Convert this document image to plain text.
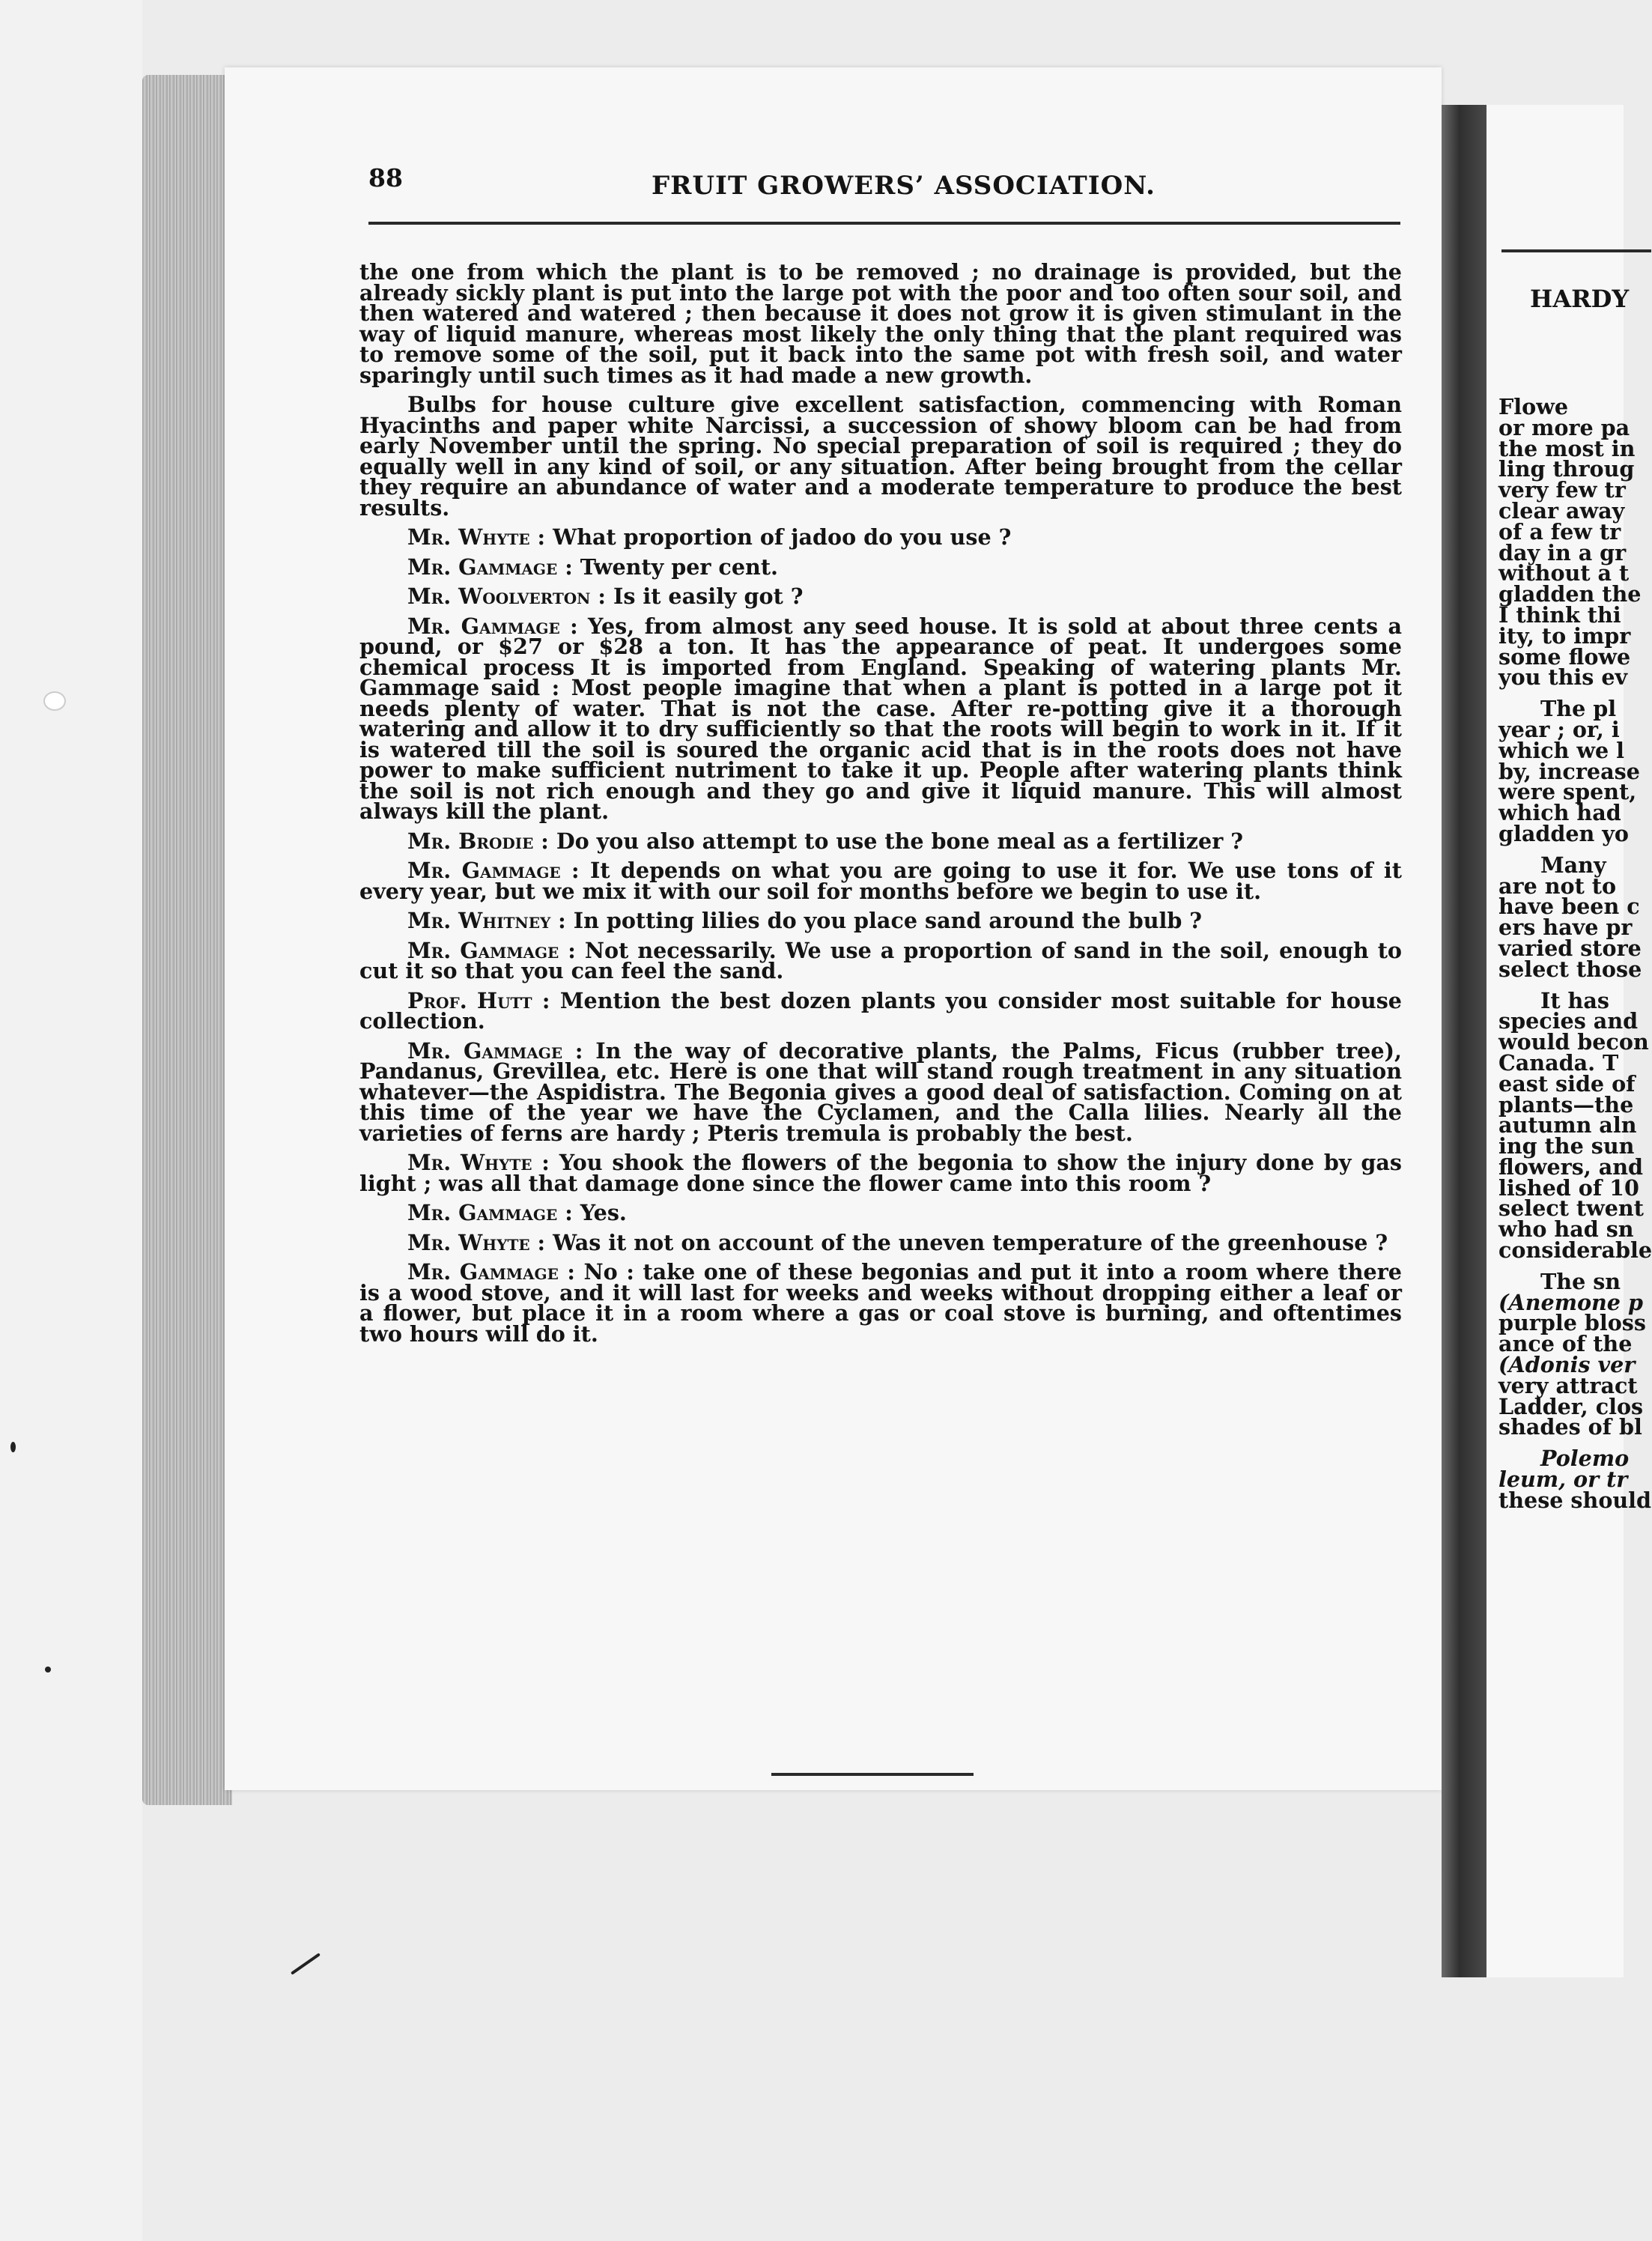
88	FRUIT GROWERS’ ASSOCIATION.

the one from which the plant is to be removed ; no drainage is provided, but the already sickly plant is put into the large pot with the poor and too often sour soil, and then watered and watered ; then because it does not grow it is given stimulant in the way of liquid manure, whereas most likely the only thing that the plant required was to remove some of the soil, put it back into the same pot with fresh soil, and water sparingly until such times as it had made a new growth.

Bulbs for house culture give excellent satisfaction, commencing with Roman Hyacinths and paper white Narcissi, a succession of showy bloom can be had from early November until the spring. No special preparation of soil is required ; they do equally well in any kind of soil, or any situation. After being brought from the cellar they require an abundance of water and a moderate temperature to produce the best results.

Mr. Whyte : What proportion of jadoo do you use ?

Mr. Gammage : Twenty per cent.

Mr. Woolverton : Is it easily got ?

Mr. Gammage : Yes, from almost any seed house. It is sold at about three cents a pound, or $27 or $28 a ton. It has the appearance of peat. It undergoes some chemical process It is imported from England. Speaking of watering plants Mr. Gammage said : Most people imagine that when a plant is potted in a large pot it needs plenty of water. That is not the case. After re-potting give it a thorough watering and allow it to dry sufficiently so that the roots will begin to work in it. If it is watered till the soil is soured the organic acid that is in the roots does not have power to make sufficient nutriment to take it up. People after watering plants think the soil is not rich enough and they go and give it liquid manure. This will almost always kill the plant.

Mr. Brodie : Do you also attempt to use the bone meal as a fertilizer ?

Mr. Gammage : It depends on what you are going to use it for. We use tons of it every year, but we mix it with our soil for months before we begin to use it.

Mr. Whitney : In potting lilies do you place sand around the bulb ?

Mr. Gammage : Not necessarily. We use a proportion of sand in the soil, enough to cut it so that you can feel the sand.

Prof. Hutt : Mention the best dozen plants you consider most suitable for house collection.

Mr. Gammage : In the way of decorative plants, the Palms, Ficus (rubber tree), Pandanus, Grevillea, etc. Here is one that will stand rough treatment in any situation whatever—the Aspidistra. The Begonia gives a good deal of satisfaction. Coming on at this time of the year we have the Cyclamen, and the Calla lilies. Nearly all the varieties of ferns are hardy ; Pteris tremula is probably the best.

Mr. Whyte : You shook the flowers of the begonia to show the injury done by gas light ; was all that damage done since the flower came into this room ?

Mr. Gammage : Yes.

Mr. Whyte : Was it not on account of the uneven temperature of the greenhouse ?

Mr. Gammage : No : take one of these begonias and put it into a room where there is a wood stove, and it will last for weeks and weeks without dropping either a leaf or a flower, but place it in a room where a gas or coal stove is burning, and oftentimes two hours will do it.

HARDY
Flowe
or more pa
the most in
ling throug
very few tr
clear away
of a few tr
day in a gr
without a t
gladden the
I think thi
ity, to impr
some flowe
you this ev
The pl
year ; or, i
which we l
by, increase
were spent,
which had
gladden yo
Many
are not to
have been c
ers have pr
varied store
select those
It has
species and
would becon
Canada. T
east side of
plants—the
autumn aln
ing the sun
flowers, and
lished of 10
select twent
who had sn
considerable
The sn
(Anemone p
purple bloss
ance of the
(Adonis ver
very attract
Ladder, clos
shades of bl
Polemo
leum, or tr
these should
